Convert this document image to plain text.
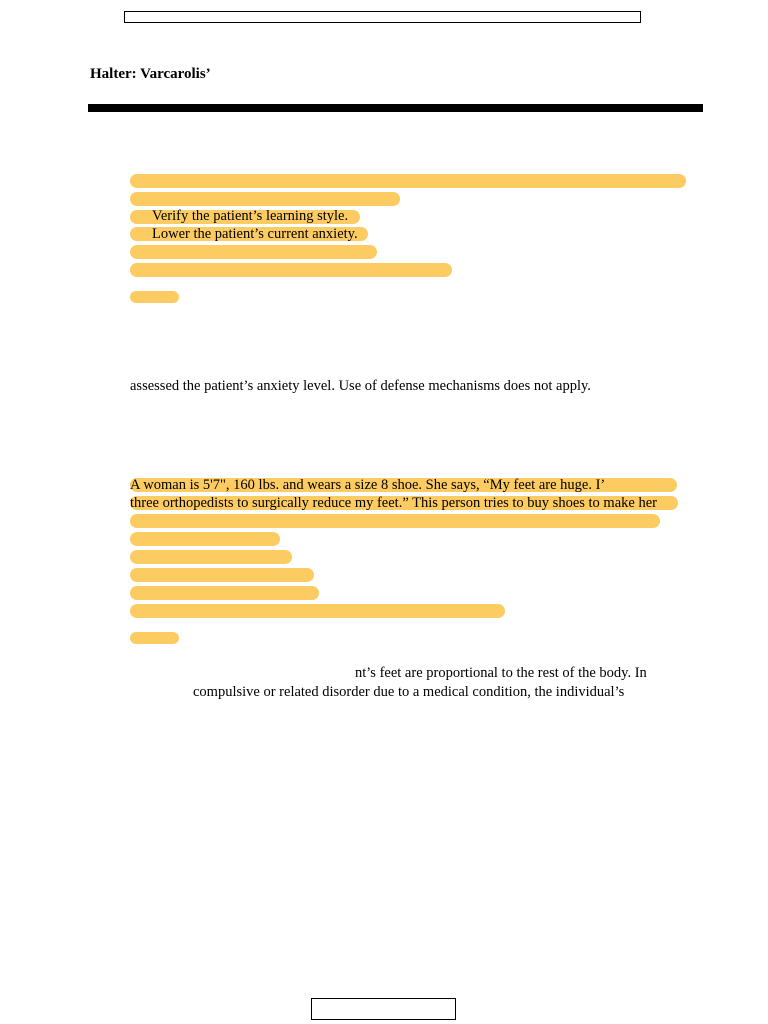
Halter: Varcarolis’
Verify the patient’s learning style.
Lower the patient’s current anxiety.
assessed the patient’s anxiety level. Use of defense mechanisms does not apply.
A woman is 5'7", 160 lbs. and wears a size 8 shoe. She says, “My feet are huge. I’
three orthopedists to surgically reduce my feet.” This person tries to buy shoes to make her
nt’s feet are proportional to the rest of the body. In
compulsive or related disorder due to a medical condition, the individual’s
